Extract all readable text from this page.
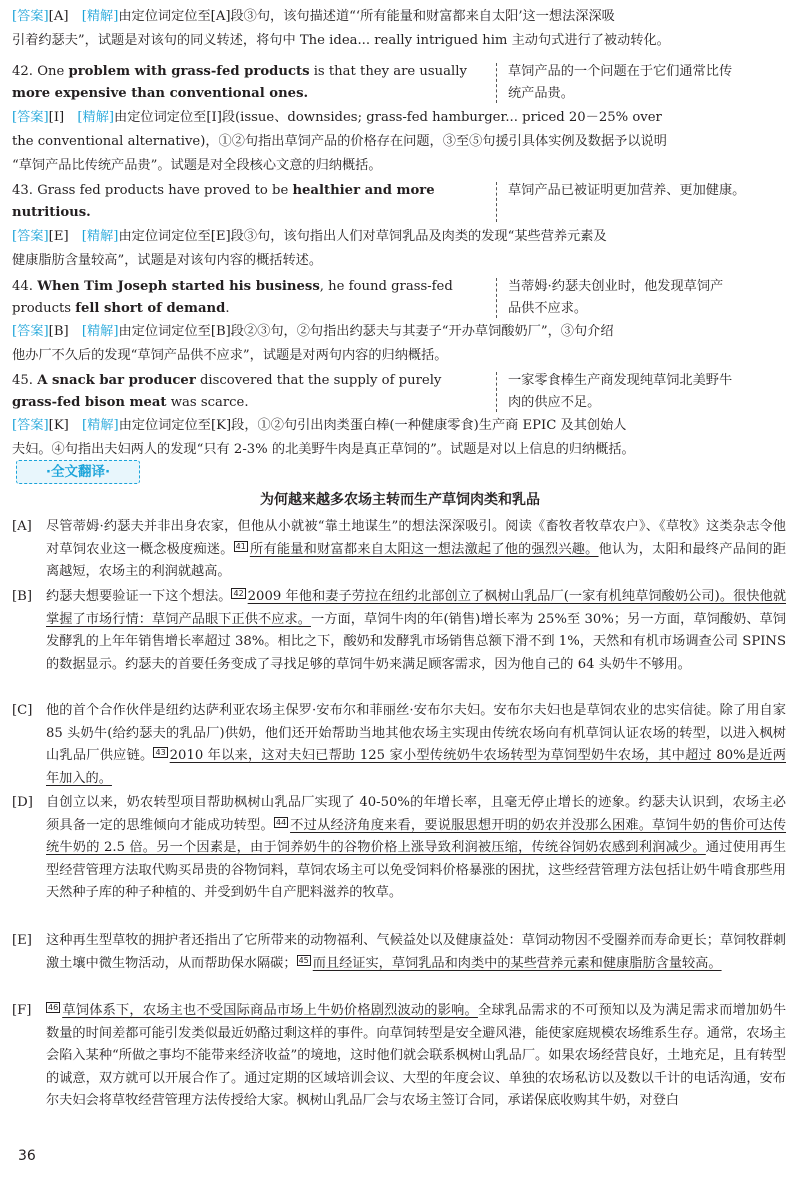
[答案][A]　 [精解]由定位词定位至[A]段③句，该句描述道“‘所有能量和财富都来自太阳’这一想法深深吸
引着约瑟夫”，试题是对该句的同义转述，将句中 The idea... really intrigued him 主动句式进行了被动转化。
42. One problem with grass-fed products is that they are usually
more expensive than conventional ones.
草饲产品的一个问题在于它们通常比传
统产品贵。
[答案][I]　 [精解]由定位词定位至[I]段(issue、downsides; grass-fed hamburger... priced 20－25% over
the conventional alternative)，①②句指出草饲产品的价格存在问题，③至⑤句援引具体实例及数据予以说明
“草饲产品比传统产品贵”。试题是对全段核心文意的归纳概括。
43. Grass fed products have proved to be healthier and more
nutritious.
草饲产品已被证明更加营养、更加健康。
[答案][E]　 [精解]由定位词定位至[E]段③句，该句指出人们对草饲乳品及肉类的发现“某些营养元素及
健康脂肪含量较高”，试题是对该句内容的概括转述。
44. When Tim Joseph started his business, he found grass-fed
products fell short of demand.
当蒂姆·约瑟夫创业时，他发现草饲产
品供不应求。
[答案][B]　 [精解]由定位词定位至[B]段②③句，②句指出约瑟夫与其妻子“开办草饲酸奶厂”，③句介绍
他办厂不久后的发现“草饲产品供不应求”，试题是对两句内容的归纳概括。
45. A snack bar producer discovered that the supply of purely
grass-fed bison meat was scarce.
一家零食棒生产商发现纯草饲北美野牛
肉的供应不足。
[答案][K]　 [精解]由定位词定位至[K]段，①②句引出肉类蛋白棒(一种健康零食)生产商 EPIC 及其创始人
夫妇。④句指出夫妇两人的发现“只有 2-3% 的北美野牛肉是真正草饲的”。试题是对以上信息的归纳概括。
·全文翻译·
为何越来越多农场主转而生产草饲肉类和乳品
[A]	尽管蒂姆·约瑟夫并非出身农家，但他从小就被“靠土地谋生”的想法深深吸引。阅读《畜牧者牧草农户》、《草牧》这类杂志令他对草饲农业这一概念极度痴迷。 41 所有能量和财富都来自太阳这一想法激起了他的强烈兴趣。他认为，太阳和最终产品间的距离越短，农场主的利润就越高。
[B]	约瑟夫想要验证一下这个想法。 42 2009 年他和妻子劳拉在纽约北部创立了枫树山乳品厂(一家有机纯草饲酸奶公司)。很快他就掌握了市场行情：草饲产品眼下正供不应求。一方面，草饲牛肉的年(销售)增长率为 25%至 30%；另一方面，草饲酸奶、草饲发酵乳的上年年销售增长率超过 38%。相比之下，酸奶和发酵乳市场销售总额下滑不到 1%，天然和有机市场调查公司 SPINS 的数据显示。约瑟夫的首要任务变成了寻找足够的草饲牛奶来满足顾客需求，因为他自己的 64 头奶牛不够用。
[C]	他的首个合作伙伴是纽约达萨利亚农场主保罗·安布尔和菲丽丝·安布尔夫妇。安布尔夫妇也是草饲农业的忠实信徒。除了用自家 85 头奶牛(给约瑟夫的乳品厂)供奶，他们还开始帮助当地其他农场主实现由传统农场向有机草饲认证农场的转型，以进入枫树山乳品厂供应链。 43 2010 年以来，这对夫妇已帮助 125 家小型传统奶牛农场转型为草饲型奶牛农场，其中超过 80%是近两年加入的。
[D] 自创立以来，奶农转型项目帮助枫树山乳品厂实现了 40-50%的年增长率，且毫无停止增长的迹象。约瑟夫认识到，农场主必须具备一定的思维倾向才能成功转型。 44 不过从经济角度来看，要说服思想开明的奶农并没那么困难。草饲牛奶的售价可达传统牛奶的 2.5 倍。另一个因素是，由于饲养奶牛的谷物价格上涨导致利润被压缩，传统谷饲奶农感到利润减少。通过使用再生型经营管理方法取代购买昂贵的谷物饲料，草饲农场主可以免受饲料价格暴涨的困扰，这些经营管理方法包括让奶牛啃食那些用天然种子库的种子种植的、并受到奶牛自产肥料滋养的牧草。
[E]	这种再生型草牧的拥护者还指出了它所带来的动物福利、气候益处以及健康益处：草饲动物因不受圈养而寿命更长；草饲牧群刺激土壤中微生物活动，从而帮助保水隔碳； 45 而且经证实，草饲乳品和肉类中的某些营养元素和健康脂肪含量较高。
[F]	46 草饲体系下，农场主也不受国际商品市场上牛奶价格剧烈波动的影响。全球乳品需求的不可预知以及为满足需求而增加奶牛数量的时间差都可能引发类似最近奶酪过剩这样的事件。向草饲转型是安全避风港，能使家庭规模农场维系生存。通常，农场主会陷入某种“所做之事均不能带来经济收益”的境地，这时他们就会联系枫树山乳品厂。如果农场经营良好，土地充足，且有转型的诚意，双方就可以开展合作了。通过定期的区域培训会议、大型的年度会议、单独的农场私访以及数以千计的电话沟通，安布尔夫妇会将草牧经营管理方法传授给大家。枫树山乳品厂会与农场主签订合同，承诺保底收购其牛奶，对登白
36
